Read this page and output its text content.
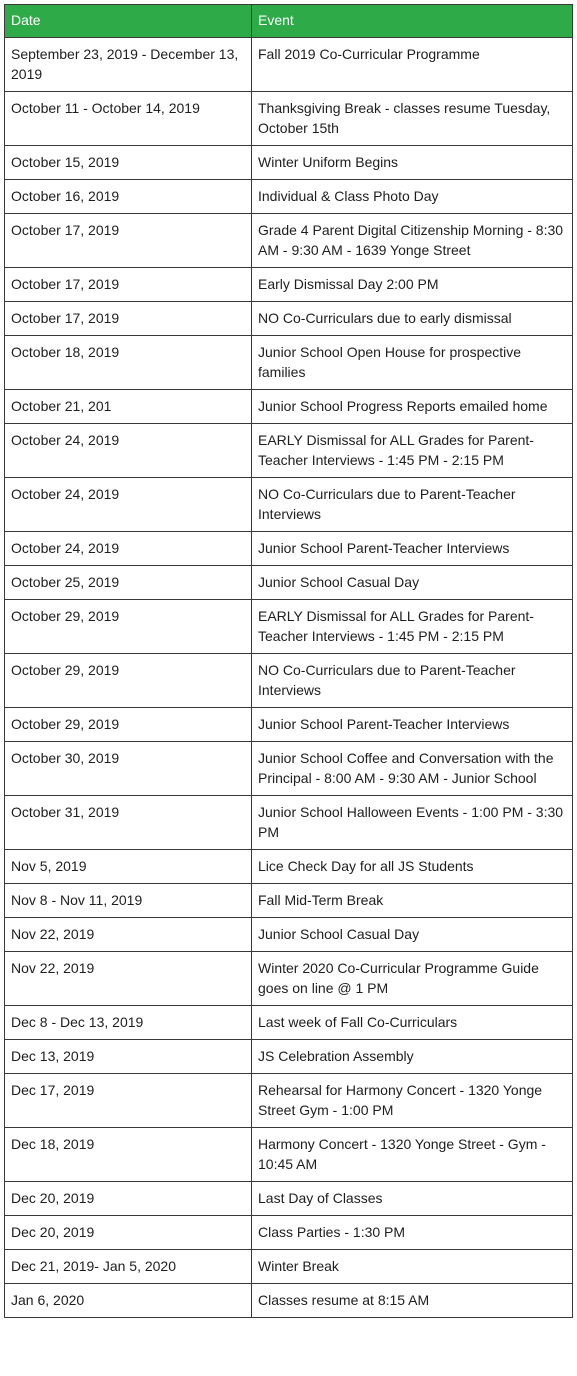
Date	Event
September 23, 2019 - December 13, 2019	Fall 2019 Co-Curricular Programme
October 11 - October 14, 2019	Thanksgiving Break - classes resume Tuesday, October 15th
October 15, 2019	Winter Uniform Begins
October 16, 2019	Individual & Class Photo Day
October 17, 2019	Grade 4 Parent Digital Citizenship Morning - 8:30 AM - 9:30 AM - 1639 Yonge Street
October 17, 2019	Early Dismissal Day 2:00 PM
October 17, 2019	NO Co-Curriculars due to early dismissal
October 18, 2019	Junior School Open House for prospective families
October 21, 201	Junior School Progress Reports emailed home
October 24, 2019	EARLY Dismissal for ALL Grades for Parent-Teacher Interviews - 1:45 PM - 2:15 PM
October 24, 2019	NO Co-Curriculars due to Parent-Teacher Interviews
October 24, 2019	Junior School Parent-Teacher Interviews
October 25, 2019	Junior School Casual Day
October 29, 2019	EARLY Dismissal for ALL Grades for Parent-Teacher Interviews - 1:45 PM - 2:15 PM
October 29, 2019	NO Co-Curriculars due to Parent-Teacher Interviews
October 29, 2019	Junior School Parent-Teacher Interviews
October 30, 2019	Junior School Coffee and Conversation with the Principal - 8:00 AM - 9:30 AM - Junior School
October 31, 2019	Junior School Halloween Events - 1:00 PM - 3:30 PM
Nov 5, 2019	Lice Check Day for all JS Students
Nov 8 - Nov 11, 2019	Fall Mid-Term Break
Nov 22, 2019	Junior School Casual Day
Nov 22, 2019	Winter 2020 Co-Curricular Programme Guide goes on line @ 1 PM
Dec 8 - Dec 13, 2019	Last week of Fall Co-Curriculars
Dec 13, 2019	JS Celebration Assembly
Dec 17, 2019	Rehearsal for Harmony Concert - 1320 Yonge Street Gym - 1:00 PM
Dec 18, 2019	Harmony Concert - 1320 Yonge Street - Gym - 10:45 AM
Dec 20, 2019	Last Day of Classes
Dec 20, 2019	Class Parties - 1:30 PM
Dec 21, 2019- Jan 5, 2020	Winter Break
Jan 6, 2020	Classes resume at 8:15 AM
